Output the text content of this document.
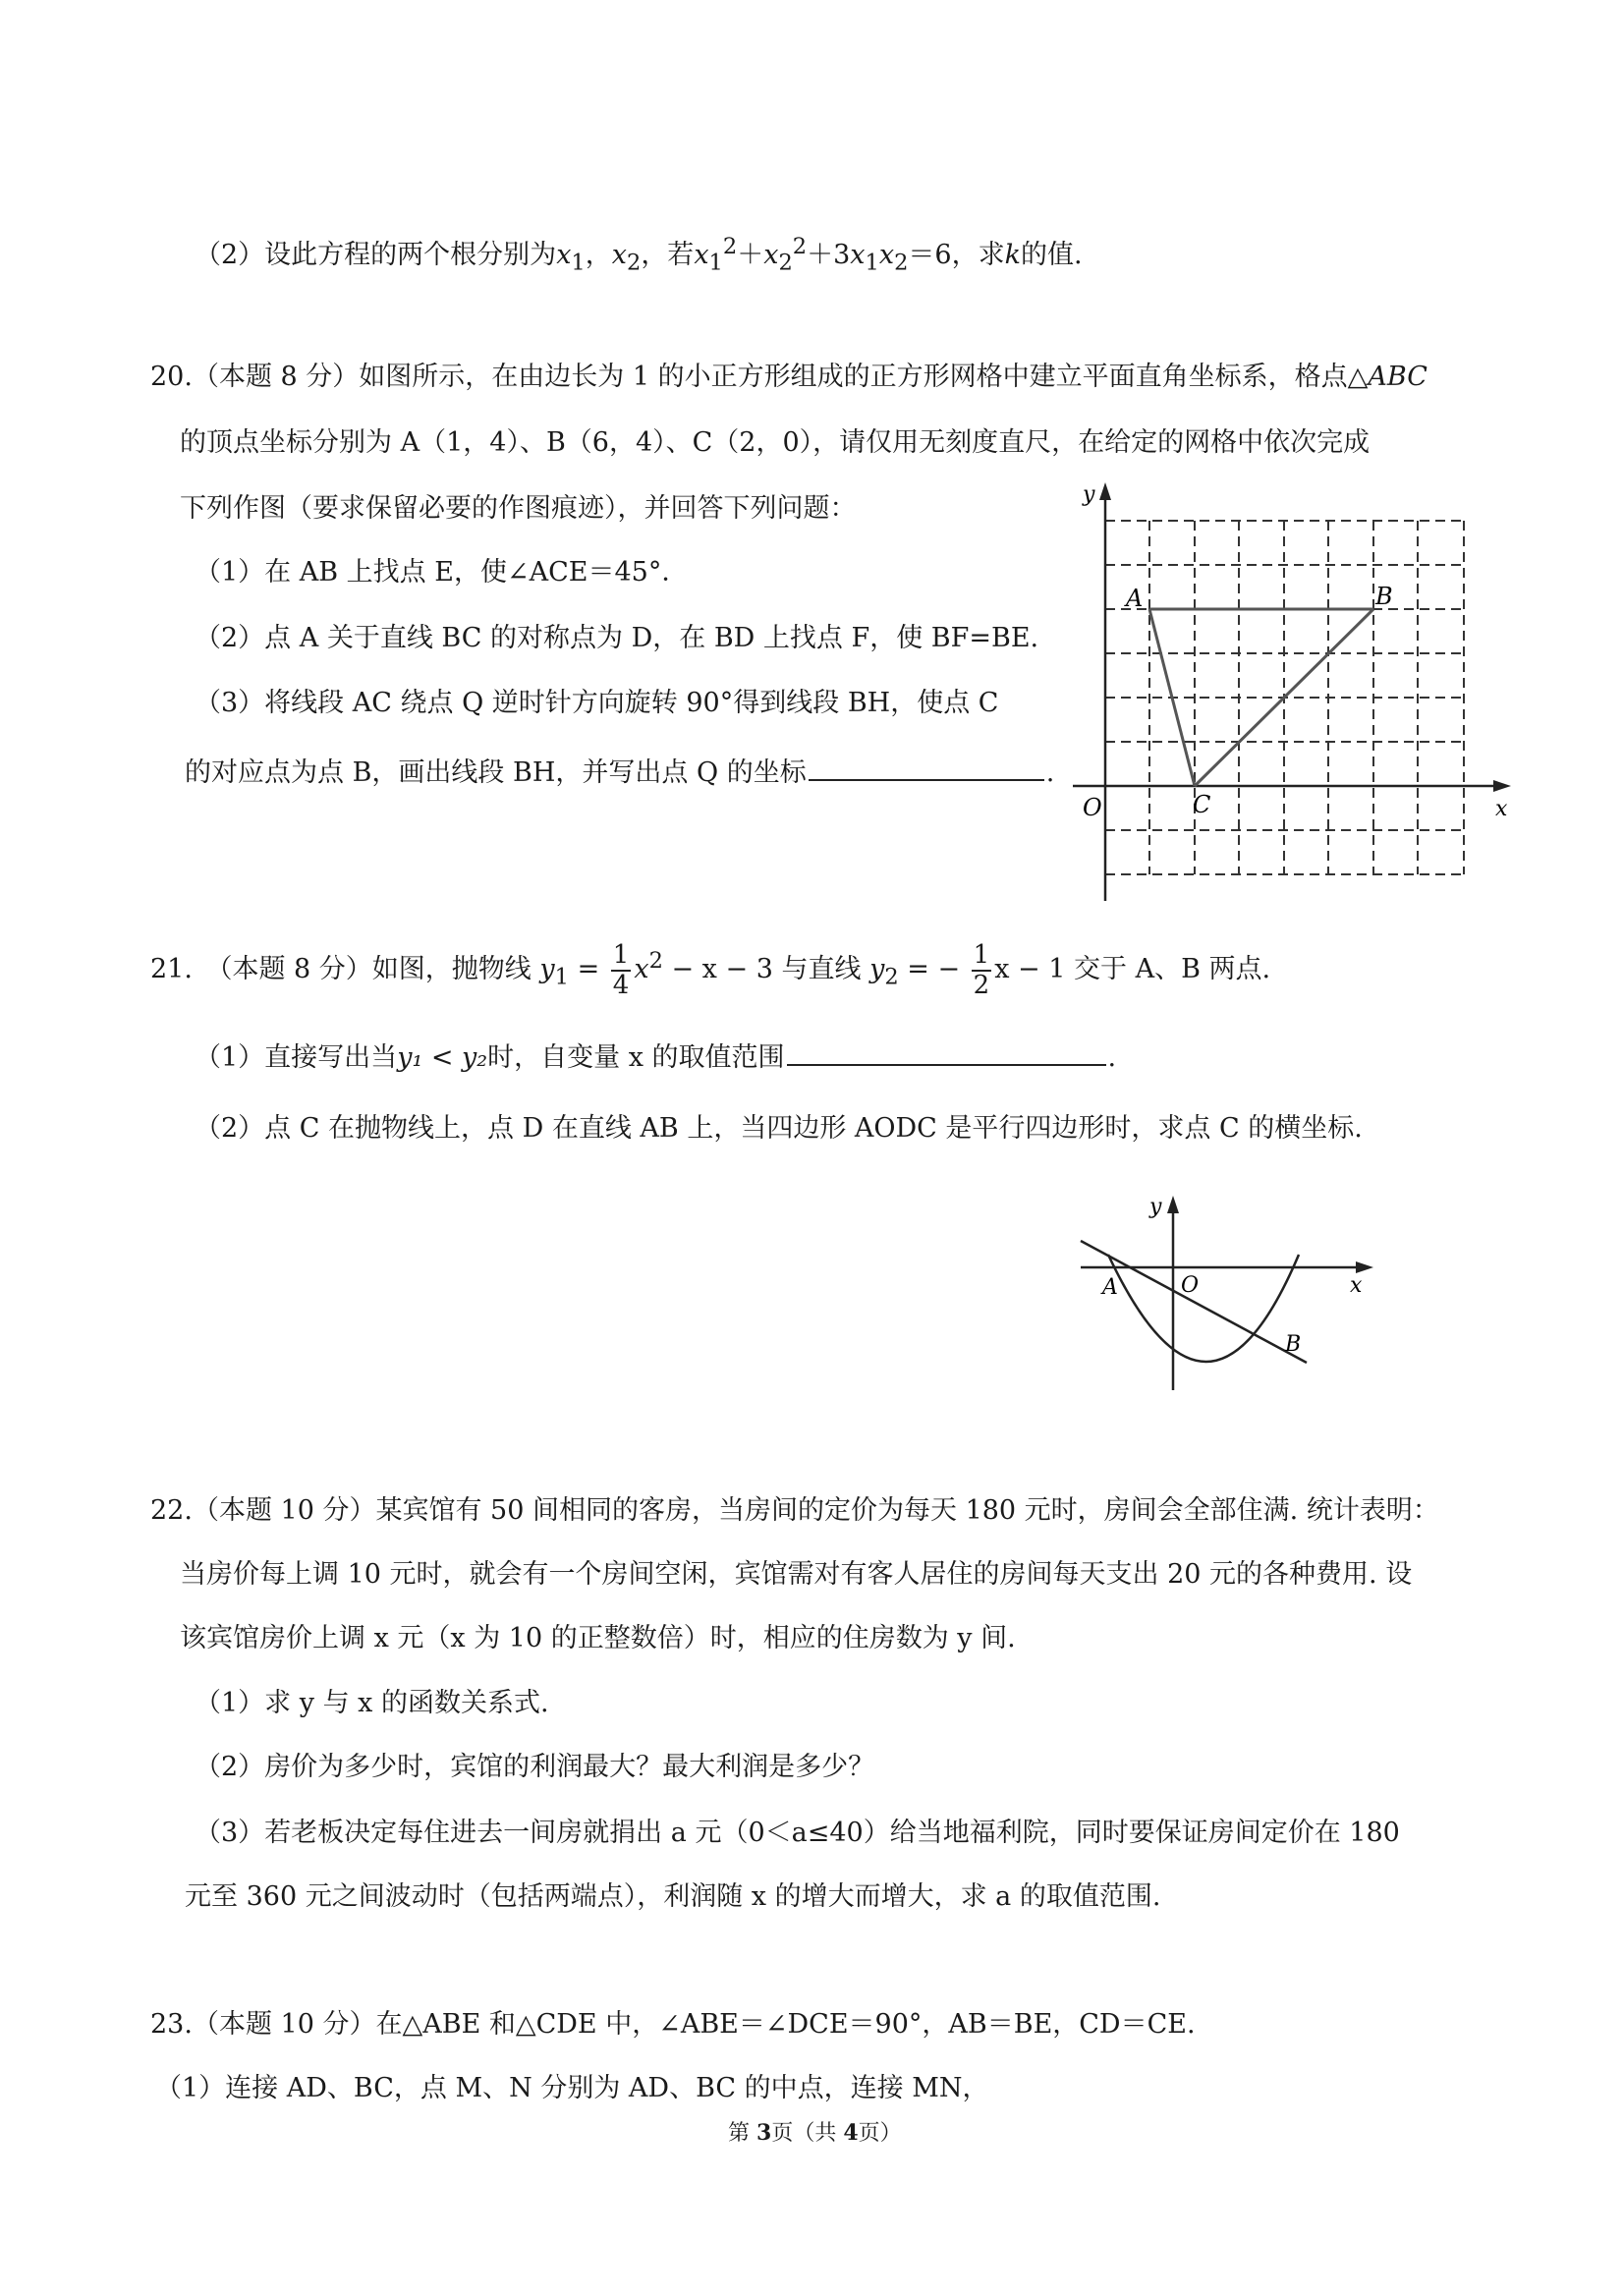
（2）设此方程的两个根分别为$x_1$，$x_2$，若$x_1^2+x_2^2+3x_1x_2=6$，求k的值.
20.（本题 8 分）如图所示，在由边长为 1 的小正方形组成的正方形网格中建立平面直角坐标系，格点△ABC
的顶点坐标分别为 A（1，4）、B（6，4）、C（2，0），请仅用无刻度直尺，在给定的网格中依次完成
下列作图（要求保留必要的作图痕迹），并回答下列问题：
（1）在 AB 上找点 E，使∠ACE＝45°．
（2）点 A 关于直线 BC 的对称点为 D，在 BD 上找点 F，使 BF=BE.
（3）将线段 AC 绕点 Q 逆时针方向旋转 90°得到线段 BH，使点 C
的对应点为点 B，画出线段 BH，并写出点 Q 的坐标	.
y
x
O
A	B
C
21.　（本题 8 分）如图，抛物线 $y_1 = \frac{1}{4} x^2 - x - 3$ 与直线 $y_2$ = − $\frac{1}{2}$ x − 1 交于 A、B 两点.
（1）直接写出当y₁ < y₂时，自变量 x 的取值范围	.
（2）点 C 在抛物线上，点 D 在直线 AB 上，当四边形 AODC 是平行四边形时，求点 C 的横坐标.
y
x
O
A
B
22.（本题 10 分）某宾馆有 50 间相同的客房，当房间的定价为每天 180 元时，房间会全部住满. 统计表明：
当房价每上调 10 元时，就会有一个房间空闲，宾馆需对有客人居住的房间每天支出 20 元的各种费用. 设
该宾馆房价上调 x 元（x 为 10 的正整数倍）时，相应的住房数为 y 间.
（1）求 y 与 x 的函数关系式.
（2）房价为多少时，宾馆的利润最大？最大利润是多少？
（3）若老板决定每住进去一间房就捐出 a 元（0＜a≤40）给当地福利院，同时要保证房间定价在 180
元至 360 元之间波动时（包括两端点），利润随 x 的增大而增大，求 a 的取值范围.
23.（本题 10 分）在△ABE 和△CDE 中，∠ABE＝∠DCE＝90°，AB＝BE，CD＝CE.
（1）连接 AD、BC，点 M、N 分别为 AD、BC 的中点，连接 MN，
第 3页（共 4页）
